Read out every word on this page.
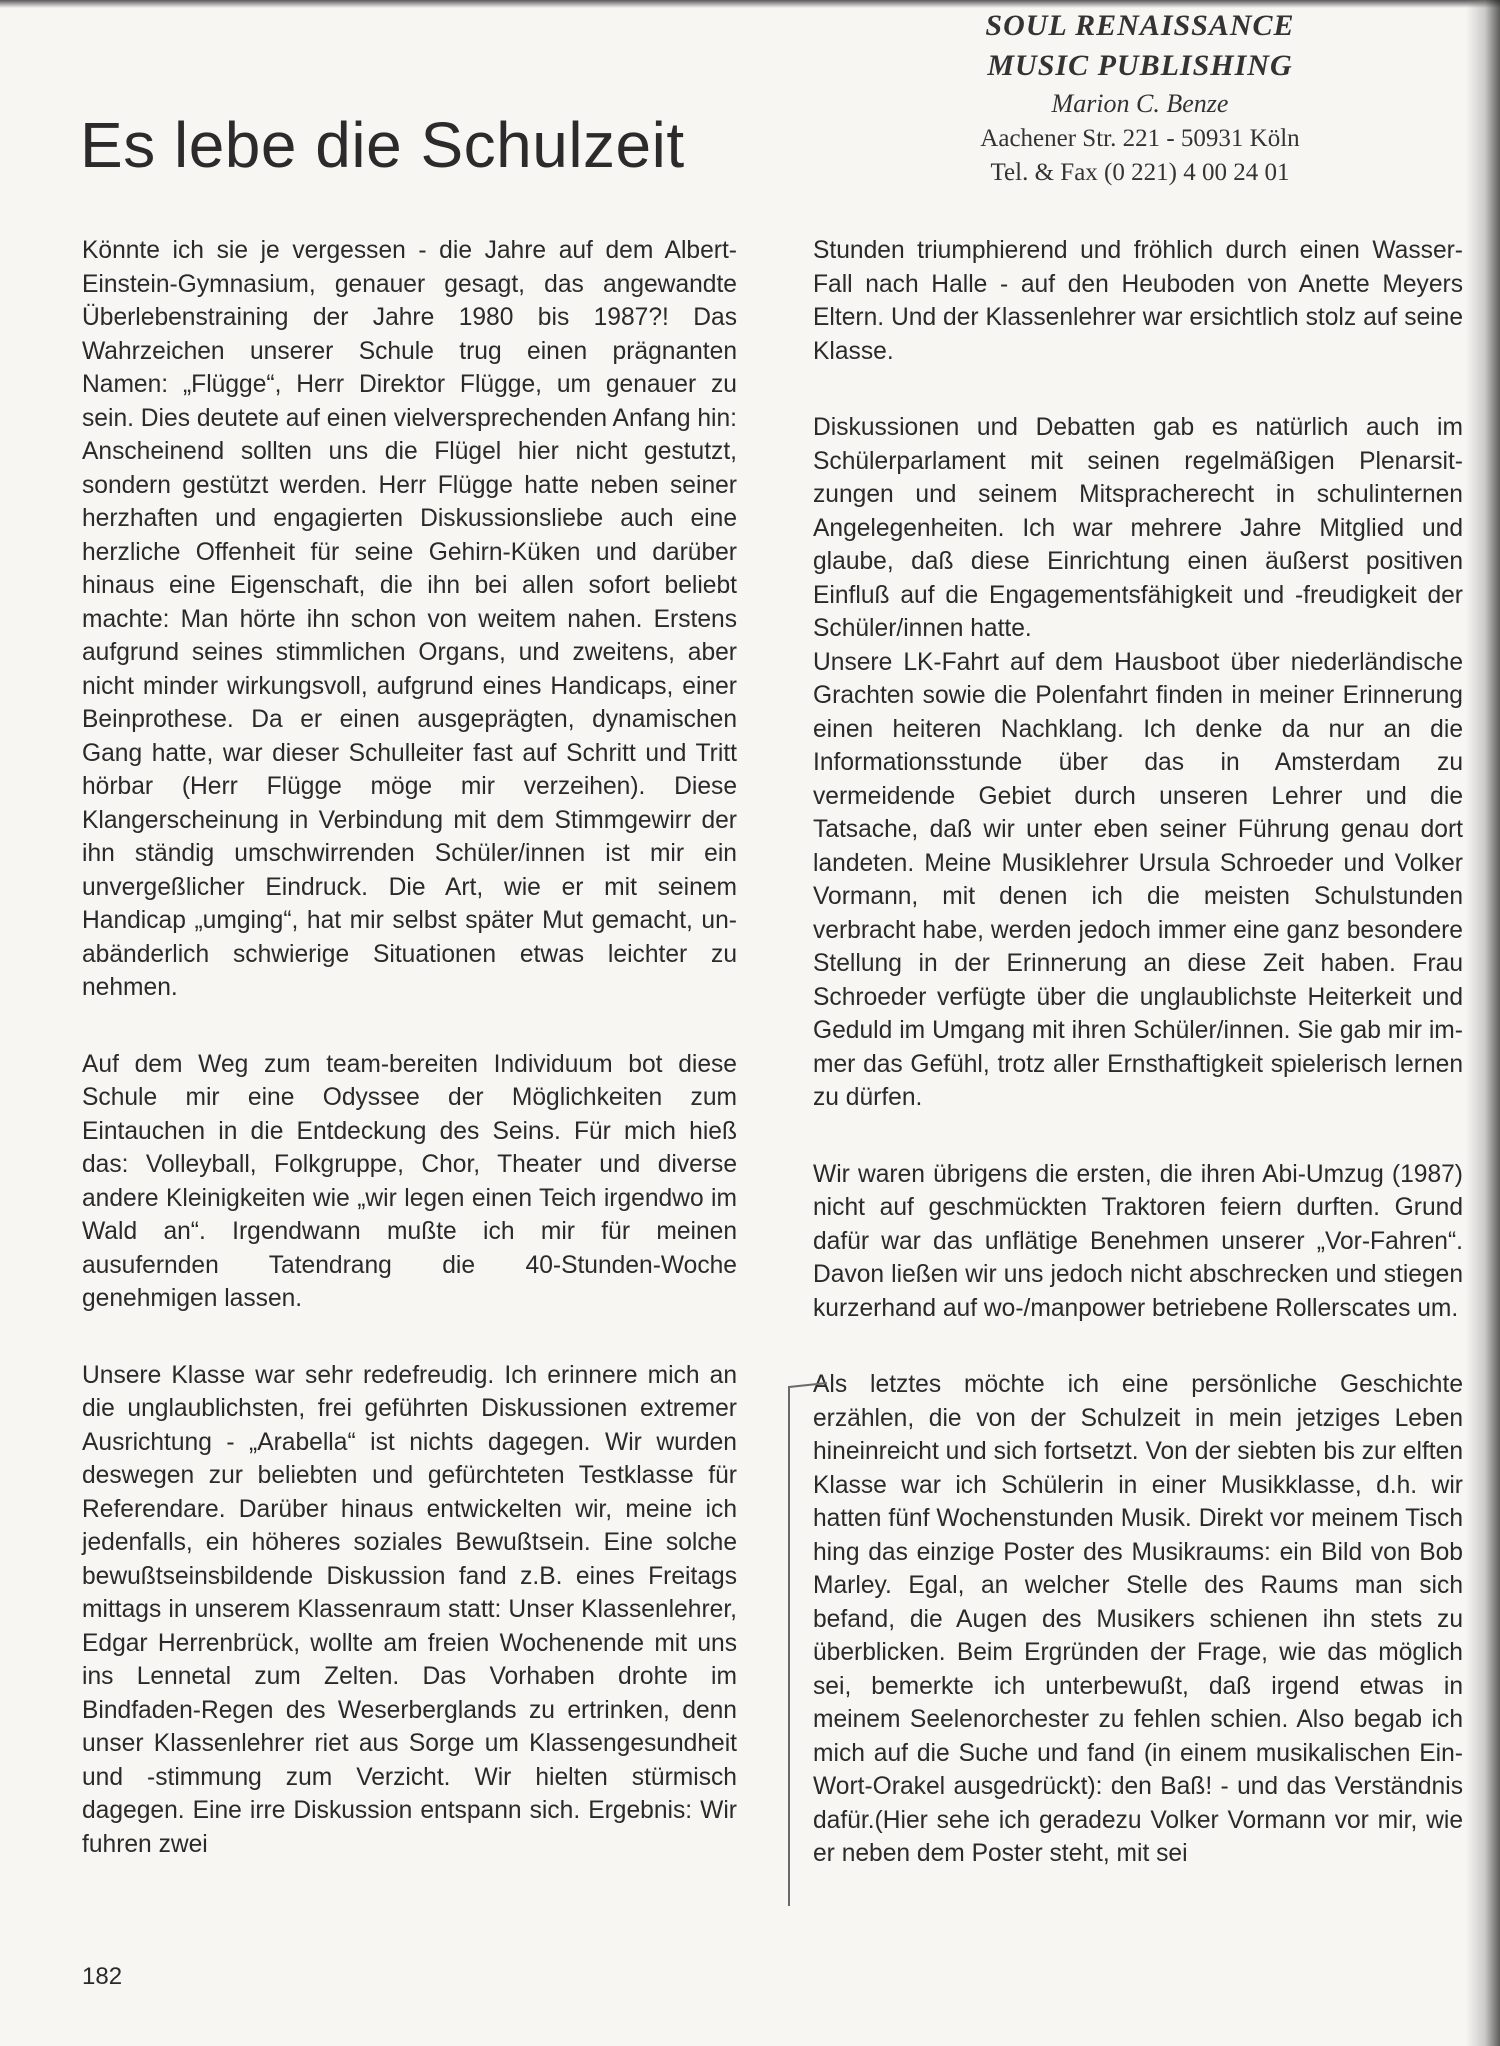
Es lebe die Schulzeit
SOUL RENAISSANCE
MUSIC PUBLISHING
Marion C. Benze
Aachener Str. 221 - 50931 Köln
Tel. & Fax (0 221) 4 00 24 01

Könnte ich sie je vergessen - die Jahre auf dem Albert-Einstein-Gymnasium, genauer gesagt, das angewandte Überlebenstraining der Jahre 1980 bis 1987?! Das Wahrzeichen unserer Schule trug einen prägnanten Namen: „Flügge“, Herr Direktor Flügge, um genauer zu sein. Dies deutete auf einen vielversprechenden Anfang hin: Anscheinend sollten uns die Flügel hier nicht gestutzt, sondern gestützt werden. Herr Flügge hatte neben seiner herzhaften und engagierten Diskussionsliebe auch eine herzliche Offenheit für seine Gehirn-Küken und darüber hinaus eine Eigenschaft, die ihn bei allen sofort beliebt machte: Man hörte ihn schon von weitem nahen. Erstens aufgrund seines stimmlichen Organs, und zweitens, aber nicht minder wirkungsvoll, aufgrund eines Handicaps, einer Beinprothese. Da er einen ausgeprägten, dynamischen Gang hatte, war dieser Schulleiter fast auf Schritt und Tritt hörbar (Herr Flügge möge mir verzeihen). Diese Klangerscheinung in Verbindung mit dem Stimmgewirr der ihn ständig umschwirrenden Schüler/innen ist mir ein unvergeßlicher Eindruck. Die Art, wie er mit seinem Handicap „umging“, hat mir selbst später Mut gemacht, unabänderlich schwierige Situationen etwas leichter zu nehmen.

Auf dem Weg zum team-bereiten Individuum bot diese Schule mir eine Odyssee der Möglichkeiten zum Eintauchen in die Entdeckung des Seins. Für mich hieß das: Volleyball, Folkgruppe, Chor, Theater und diverse andere Kleinigkeiten wie „wir legen einen Teich irgendwo im Wald an“. Irgendwann mußte ich mir für meinen ausufernden Tatendrang die 40-Stunden-Woche genehmigen lassen.

Unsere Klasse war sehr redefreudig. Ich erinnere mich an die unglaublichsten, frei geführten Diskussionen extremer Ausrichtung - „Arabella“ ist nichts dagegen. Wir wurden deswegen zur beliebten und gefürchteten Testklasse für Referendare. Darüber hinaus entwickelten wir, meine ich jedenfalls, ein höheres soziales Bewußtsein. Eine solche bewußtseinsbildende Diskussion fand z.B. eines Freitags mittags in unserem Klassenraum statt: Unser Klassenlehrer, Edgar Herrenbrück, wollte am freien Wochenende mit uns ins Lennetal zum Zelten. Das Vorhaben drohte im Bindfaden-Regen des Weserberglands zu ertrinken, denn unser Klassenlehrer riet aus Sorge um Klassengesundheit und -stimmung zum Verzicht. Wir hielten stürmisch dagegen. Eine irre Diskussion entspann sich. Ergebnis: Wir fuhren zwei

Stunden triumphierend und fröhlich durch einen Wasser-Fall nach Halle - auf den Heuboden von Anette Meyers Eltern. Und der Klassenlehrer war ersichtlich stolz auf seine Klasse.

Diskussionen und Debatten gab es natürlich auch im Schülerparlament mit seinen regelmäßigen Plenarsitzungen und seinem Mitspracherecht in schulinternen Angelegenheiten. Ich war mehrere Jahre Mitglied und glaube, daß diese Einrichtung einen äußerst positiven Einfluß auf die Engagementsfähigkeit und -freudigkeit der Schüler/innen hatte.

Unsere LK-Fahrt auf dem Hausboot über niederländische Grachten sowie die Polenfahrt finden in meiner Erinnerung einen heiteren Nachklang. Ich denke da nur an die Informationsstunde über das in Amsterdam zu vermeidende Gebiet durch unseren Lehrer und die Tatsache, daß wir unter eben seiner Führung genau dort landeten. Meine Musiklehrer Ursula Schroeder und Volker Vormann, mit denen ich die meisten Schulstunden verbracht habe, werden jedoch immer eine ganz besondere Stellung in der Erinnerung an diese Zeit haben. Frau Schroeder verfügte über die unglaublichste Heiterkeit und Geduld im Umgang mit ihren Schüler/innen. Sie gab mir immer das Gefühl, trotz aller Ernsthaftigkeit spielerisch lernen zu dürfen.

Wir waren übrigens die ersten, die ihren Abi-Umzug (1987) nicht auf geschmückten Traktoren feiern durften. Grund dafür war das unflätige Benehmen unserer „Vor-Fahren“. Davon ließen wir uns jedoch nicht abschrecken und stiegen kurzerhand auf wo-/manpower betriebene Rollerscates um.

Als letztes möchte ich eine persönliche Geschichte erzählen, die von der Schulzeit in mein jetziges Leben hineinreicht und sich fortsetzt. Von der siebten bis zur elften Klasse war ich Schülerin in einer Musikklasse, d.h. wir hatten fünf Wochenstunden Musik. Direkt vor meinem Tisch hing das einzige Poster des Musikraums: ein Bild von Bob Marley. Egal, an welcher Stelle des Raums man sich befand, die Augen des Musikers schienen ihn stets zu überblicken. Beim Ergründen der Frage, wie das möglich sei, bemerkte ich unterbewußt, daß irgend etwas in meinem Seelenorchester zu fehlen schien. Also begab ich mich auf die Suche und fand (in einem musikalischen Ein-Wort-Orakel ausgedrückt): den Baß! - und das Verständnis dafür.(Hier sehe ich geradezu Volker Vormann vor mir, wie er neben dem Poster steht, mit sei

182
